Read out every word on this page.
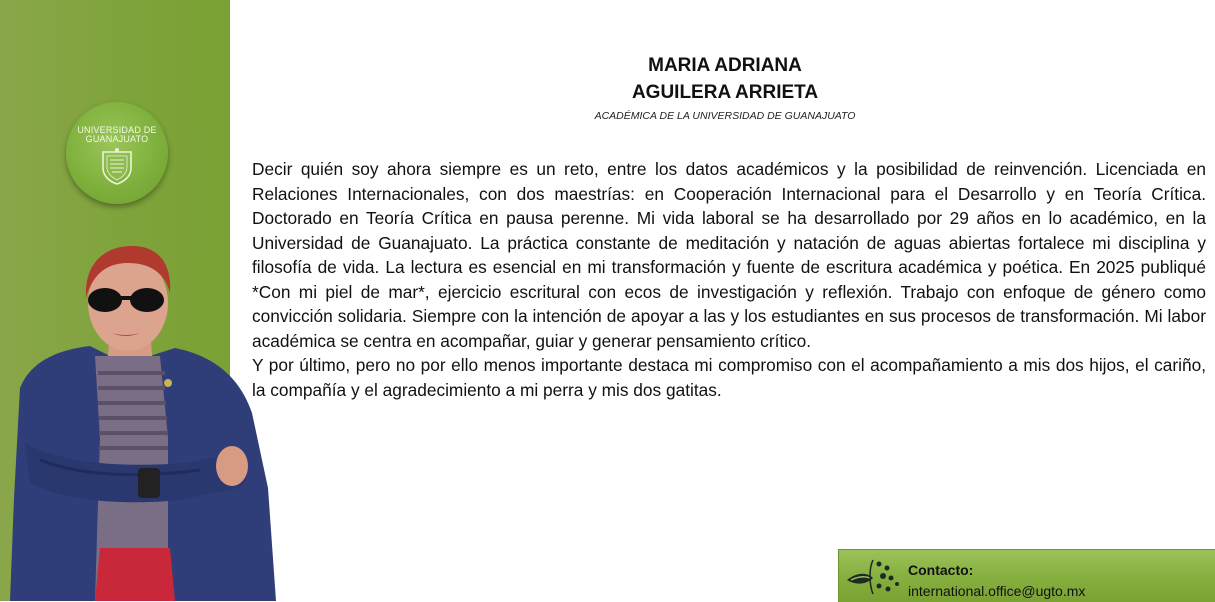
UNIVERSIDAD DE
GUANAJUATO
MARIA ADRIANA
AGUILERA ARRIETA
ACADÉMICA DE LA UNIVERSIDAD DE GUANAJUATO

Decir quién soy ahora siempre es un reto, entre los datos académicos y la posibilidad de reinvención. Licenciada en Relaciones Internacionales, con dos maestrías: en Cooperación Internacional para el Desarrollo y en Teoría Crítica. Doctorado en Teoría Crítica en pausa perenne. Mi vida laboral se ha desarrollado por 29 años en lo académico, en la Universidad de Guanajuato. La práctica constante de meditación y natación de aguas abiertas fortalece mi disciplina y filosofía de vida. La lectura es esencial en mi transformación y fuente de escritura académica y poética. En 2025 publiqué *Con mi piel de mar*, ejercicio escritural con ecos de investigación y reflexión. Trabajo con enfoque de género como convicción solidaria. Siempre con la intención de apoyar a las y los estudiantes en sus procesos de transformación. Mi labor académica se centra en acompañar, guiar y generar pensamiento crítico.

Y por último, pero no por ello menos importante destaca mi compromiso con el acompañamiento a mis dos hijos, el cariño, la compañía y el agradecimiento a mi perra y mis dos gatitas.

Contacto:
international.office@ugto.mx
